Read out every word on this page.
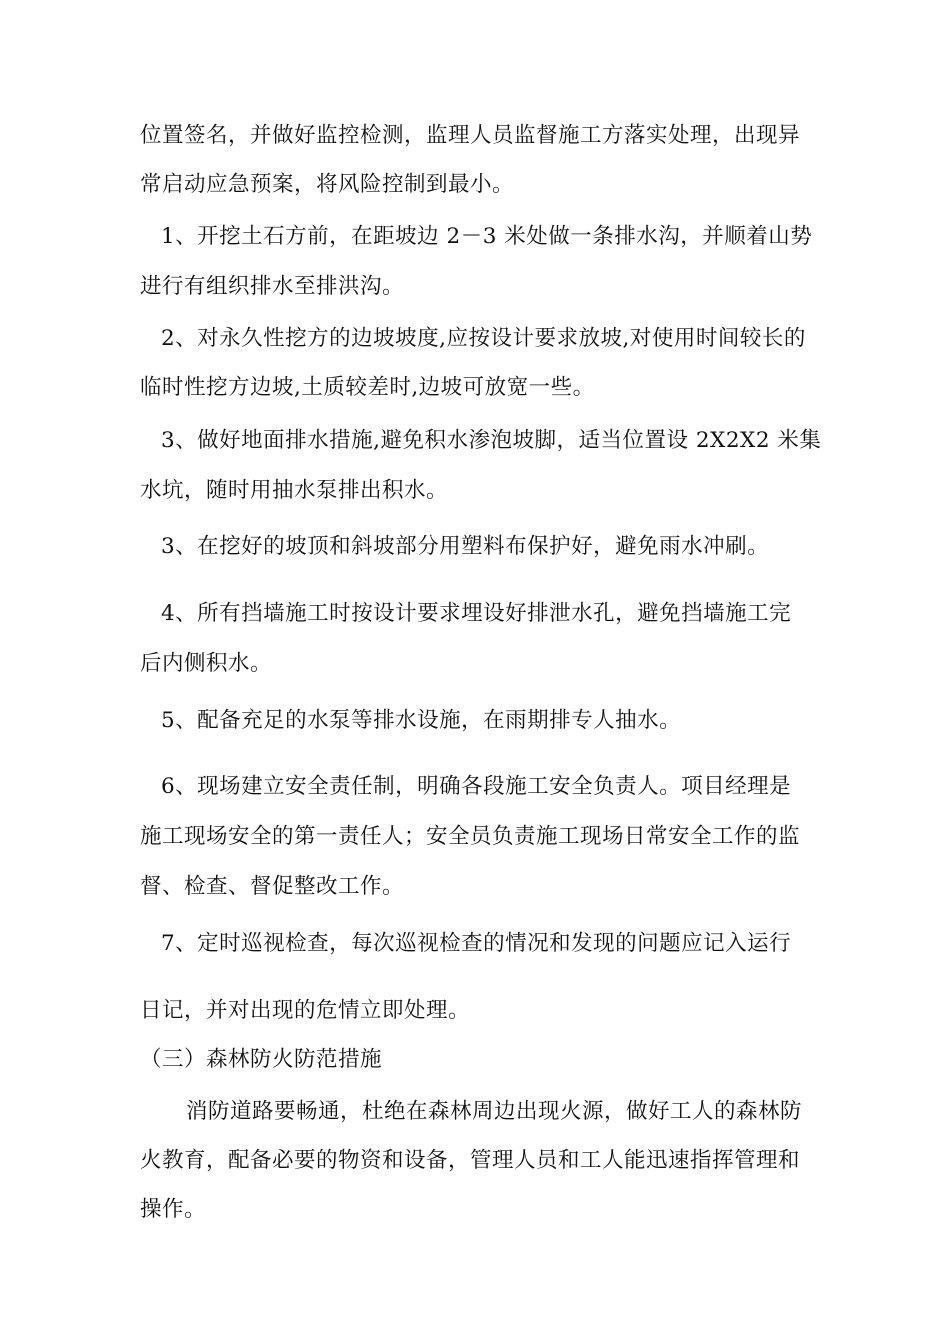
位置签名，并做好监控检测，监理人员监督施工方落实处理，出现异
常启动应急预案，将风险控制到最小。
1、开挖土石方前，在距坡边 2－3 米处做一条排水沟，并顺着山势
进行有组织排水至排洪沟。
2、对永久性挖方的边坡坡度,应按设计要求放坡,对使用时间较长的
临时性挖方边坡,土质较差时,边坡可放宽一些。
3、做好地面排水措施,避免积水渗泡坡脚，适当位置设 2X2X2 米集
水坑，随时用抽水泵排出积水。
3、在挖好的坡顶和斜坡部分用塑料布保护好，避免雨水冲刷。
4、所有挡墙施工时按设计要求埋设好排泄水孔，避免挡墙施工完
后内侧积水。
5、配备充足的水泵等排水设施，在雨期排专人抽水。
6、现场建立安全责任制，明确各段施工安全负责人。项目经理是
施工现场安全的第一责任人；安全员负责施工现场日常安全工作的监
督、检查、督促整改工作。
7、定时巡视检查，每次巡视检查的情况和发现的问题应记入运行
日记，并对出现的危情立即处理。
（三）森林防火防范措施
消防道路要畅通，杜绝在森林周边出现火源，做好工人的森林防
火教育，配备必要的物资和设备，管理人员和工人能迅速指挥管理和
操作。
